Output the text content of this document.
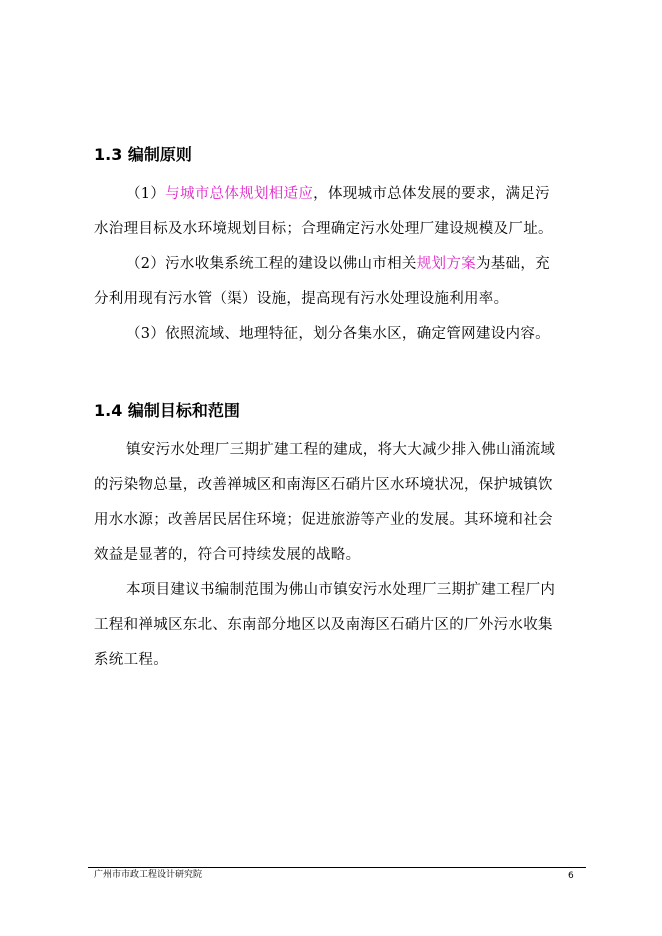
1.3 编制原则
（1）与城市总体规划相适应，体现城市总体发展的要求，满足污
水治理目标及水环境规划目标；合理确定污水处理厂建设规模及厂址。
（2）污水收集系统工程的建设以佛山市相关规划方案为基础，充
分利用现有污水管（渠）设施，提高现有污水处理设施利用率。
（3）依照流域、地理特征，划分各集水区，确定管网建设内容。
1.4 编制目标和范围
镇安污水处理厂三期扩建工程的建成，将大大减少排入佛山涌流域
的污染物总量，改善禅城区和南海区石硝片区水环境状况，保护城镇饮
用水水源；改善居民居住环境；促进旅游等产业的发展。其环境和社会
效益是显著的，符合可持续发展的战略。
本项目建议书编制范围为佛山市镇安污水处理厂三期扩建工程厂内
工程和禅城区东北、东南部分地区以及南海区石硝片区的厂外污水收集
系统工程。
广州市市政工程设计研究院	6
